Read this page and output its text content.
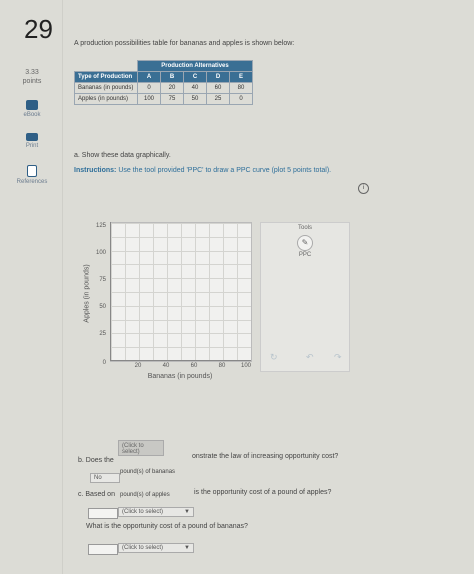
29
3.33
points
eBook
Print
References
A production possibilities table for bananas and apples is shown below:
	Production Alternatives				
Type of Production	A	B	C	D	E
Bananas (in pounds)	0	20	40	60	80
Apples (in pounds)	100	75	50	25	0
a. Show these data graphically.
Instructions: Use the tool provided 'PPC' to draw a PPC curve (plot 5 points total).
i
125
100
75
50
25
0	20	40	60	80	100
Apples (in pounds)
Bananas (in pounds)
Tools
✎
PPC
↻	↶ ↷
(Click to select)
b. Does the
onstrate the law of increasing opportunity cost?
No
pound(s) of bananas
c. Based on pound(s) of apples	is the opportunity cost of a pound of apples?
(Click to select)	▼
What is the opportunity cost of a pound of bananas?
(Click to select)	▼
